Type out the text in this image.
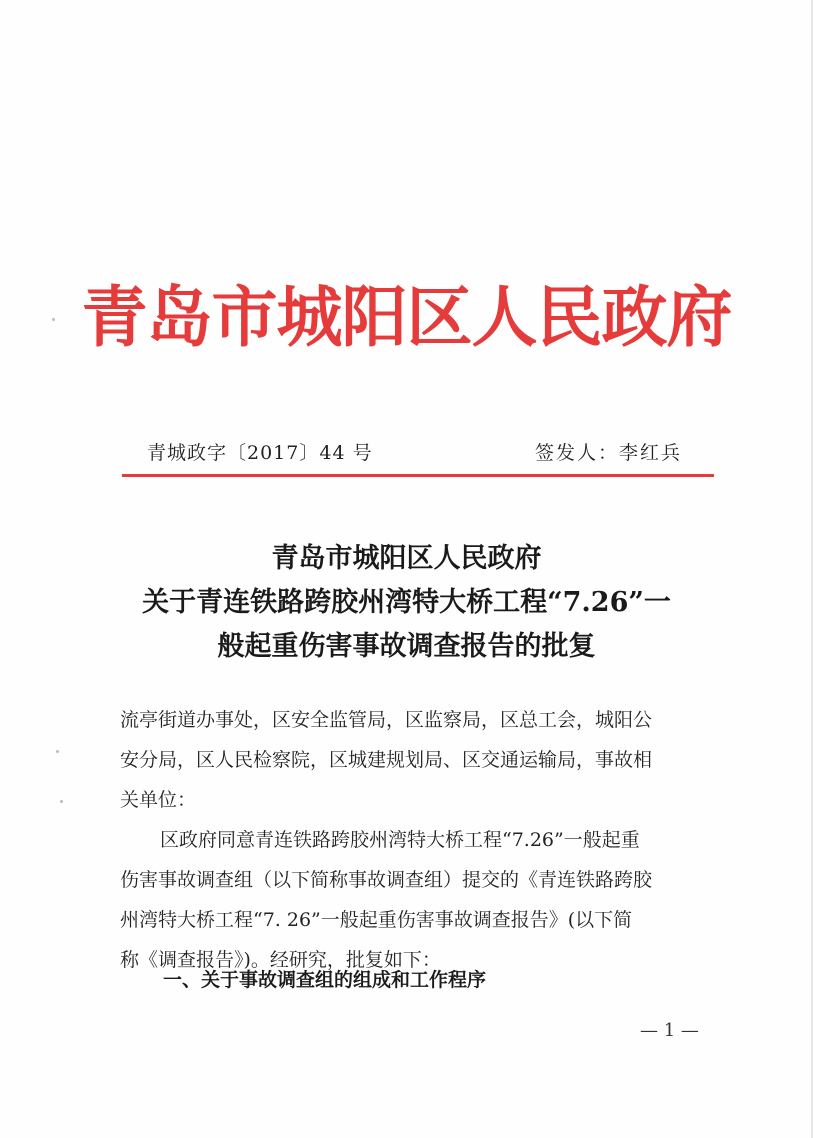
青岛市城阳区人民政府
青城政字〔2017〕44 号	签发人：李红兵
青岛市城阳区人民政府
关于青连铁路跨胶州湾特大桥工程“7.26”一
般起重伤害事故调查报告的批复
流亭街道办事处，区安全监管局，区监察局，区总工会，城阳公
安分局，区人民检察院，区城建规划局、区交通运输局，事故相
关单位：
区政府同意青连铁路跨胶州湾特大桥工程“7.26”一般起重
伤害事故调查组（以下简称事故调查组）提交的《青连铁路跨胶
州湾特大桥工程“7. 26”一般起重伤害事故调查报告》(以下简
称《调查报告》)。经研究，批复如下：
一、关于事故调查组的组成和工作程序
— 1 —
